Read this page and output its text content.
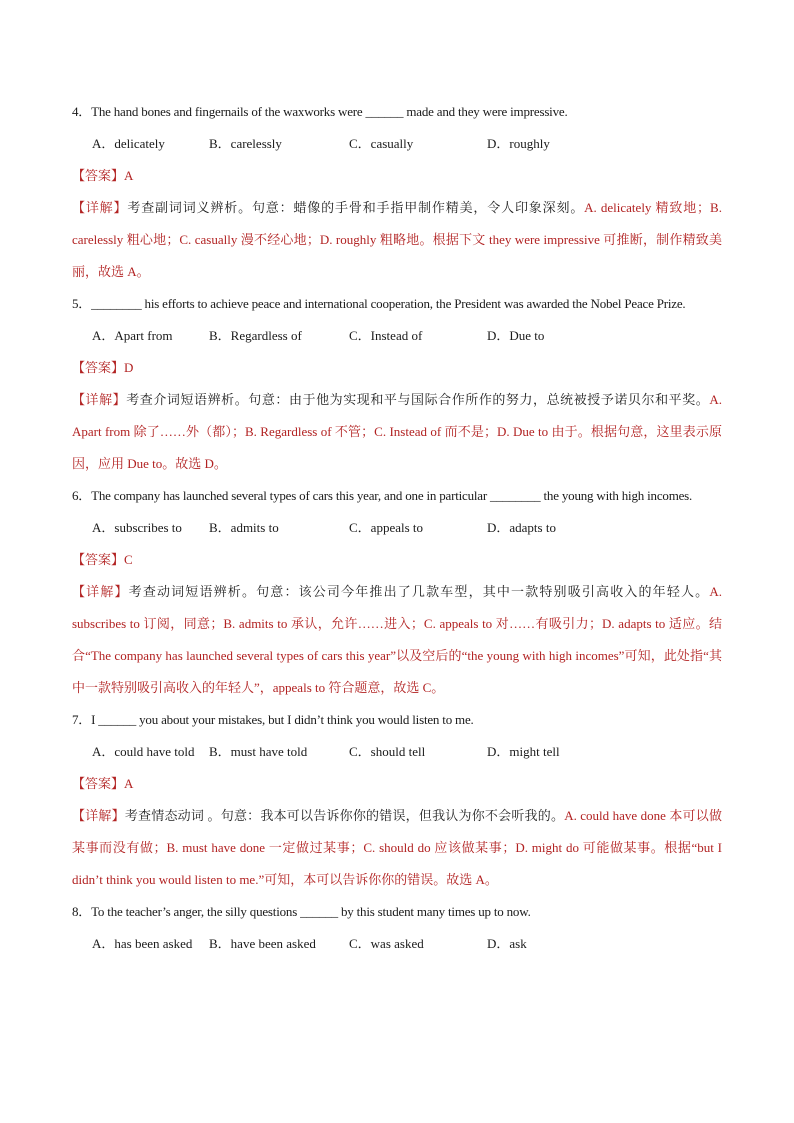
4．The hand bones and fingernails of the waxworks were ______ made and they were impressive.
A．delicately	B．carelessly	C．casually	D．roughly
【答案】A
【详解】考查副词词义辨析。句意：蜡像的手骨和手指甲制作精美，令人印象深刻。A. delicately 精致地；B. carelessly 粗心地；C. casually 漫不经心地；D. roughly 粗略地。根据下文 they were impressive 可推断，制作精致美丽，故选 A。
5．________ his efforts to achieve peace and international cooperation, the President was awarded the Nobel Peace Prize.
A．Apart from	B．Regardless of	C．Instead of	D．Due to
【答案】D
【详解】考查介词短语辨析。句意：由于他为实现和平与国际合作所作的努力，总统被授予诺贝尔和平奖。A. Apart from 除了……外（都）；B. Regardless of 不管；C. Instead of 而不是；D. Due to 由于。根据句意，这里表示原因，应用 Due to。故选 D。
6．The company has launched several types of cars this year, and one in particular ________ the young with high incomes.
A．subscribes to B．admits to	C．appeals to	D．adapts to
【答案】C
【详解】考查动词短语辨析。句意：该公司今年推出了几款车型，其中一款特别吸引高收入的年轻人。A. subscribes to 订阅，同意；B. admits to 承认，允许……进入；C. appeals to 对……有吸引力；D. adapts to 适应。结合“The company has launched several types of cars this year”以及空后的“the young with high incomes”可知，此处指“其中一款特别吸引高收入的年轻人”，appeals to 符合题意，故选 C。
7．I ______ you about your mistakes, but I didn’t think you would listen to me.
A．could have told B．must have told	C．should tell	D．might tell
【答案】A
【详解】考查情态动词 。句意：我本可以告诉你你的错误，但我认为你不会听我的。A. could have done 本可以做某事而没有做；B. must have done 一定做过某事；C. should do 应该做某事；D. might do 可能做某事。根据“but I didn’t think you would listen to me.”可知，本可以告诉你你的错误。故选 A。
8．To the teacher’s anger, the silly questions ______ by this student many times up to now.
A．has been asked B．have been asked	C．was asked	D．ask
